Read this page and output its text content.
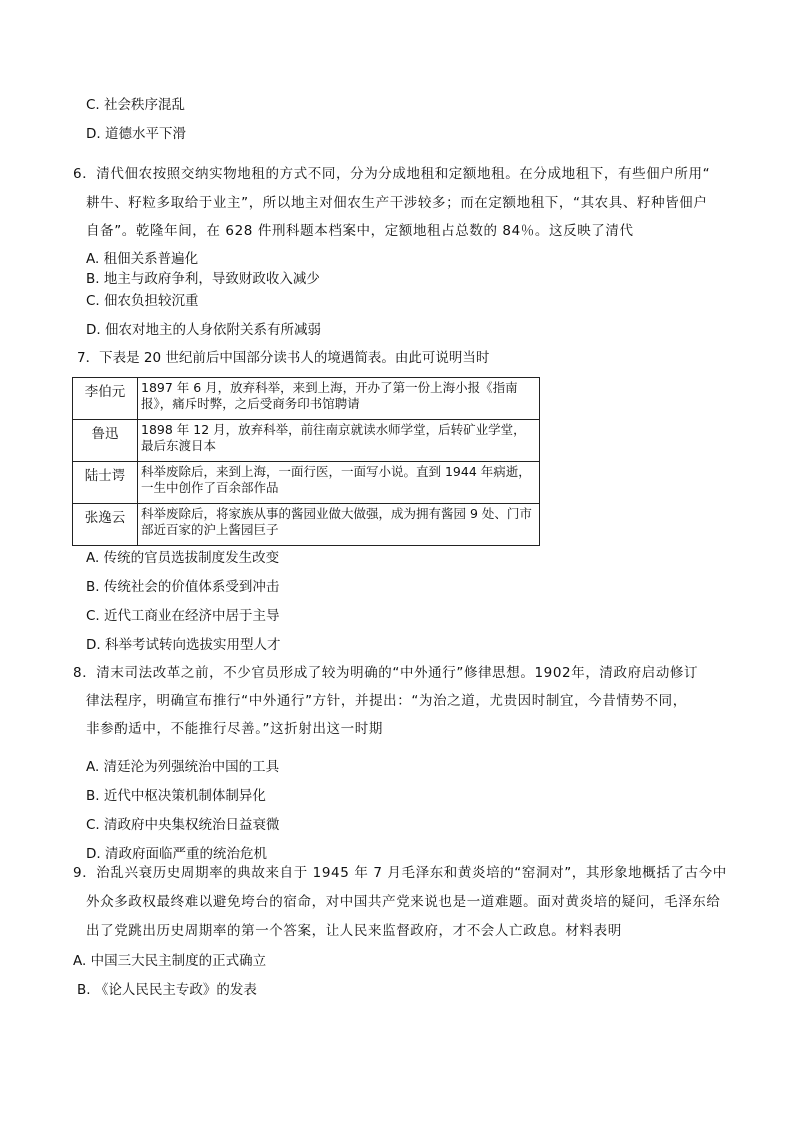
C. 社会秩序混乱
D. 道德水平下滑
6．清代佃农按照交纳实物地租的方式不同，分为分成地租和定额地租。在分成地租下，有些佃户所用“
耕牛、籽粒多取给于业主”，所以地主对佃农生产干涉较多；而在定额地租下，“其农具、籽种皆佃户
自备”。乾隆年间，在 628 件刑科题本档案中，定额地租占总数的 84％。这反映了清代
A. 租佃关系普遍化
B. 地主与政府争利，导致财政收入减少
C. 佃农负担较沉重
D. 佃农对地主的人身依附关系有所减弱
7．下表是 20 世纪前后中国部分读书人的境遇简表。由此可说明当时
李伯元	1897 年 6 月，放弃科举，来到上海，开办了第一份上海小报《指南报》，痛斥时弊，之后受商务印书馆聘请
鲁迅	1898 年 12 月，放弃科举，前往南京就读水师学堂，后转矿业学堂，最后东渡日本
陆士谔	科举废除后，来到上海，一面行医，一面写小说。直到 1944 年病逝，一生中创作了百余部作品
张逸云	科举废除后，将家族从事的酱园业做大做强，成为拥有酱园 9 处、门市部近百家的沪上酱园巨子
A. 传统的官员选拔制度发生改变
B. 传统社会的价值体系受到冲击
C. 近代工商业在经济中居于主导
D. 科举考试转向选拔实用型人才
8．清末司法改革之前，不少官员形成了较为明确的“中外通行”修律思想。1902年，清政府启动修订
律法程序，明确宣布推行“中外通行”方针，并提出：“为治之道，尤贵因时制宜，今昔情势不同，
非参酌适中，不能推行尽善。”这折射出这一时期
A. 清廷沦为列强统治中国的工具
B. 近代中枢决策机制体制异化
C. 清政府中央集权统治日益衰微
D. 清政府面临严重的统治危机
9．治乱兴衰历史周期率的典故来自于 1945 年 7 月毛泽东和黄炎培的“窑洞对”，其形象地概括了古今中
外众多政权最终难以避免垮台的宿命，对中国共产党来说也是一道难题。面对黄炎培的疑问，毛泽东给
出了党跳出历史周期率的第一个答案，让人民来监督政府，才不会人亡政息。材料表明
A. 中国三大民主制度的正式确立
B. 《论人民民主专政》的发表
